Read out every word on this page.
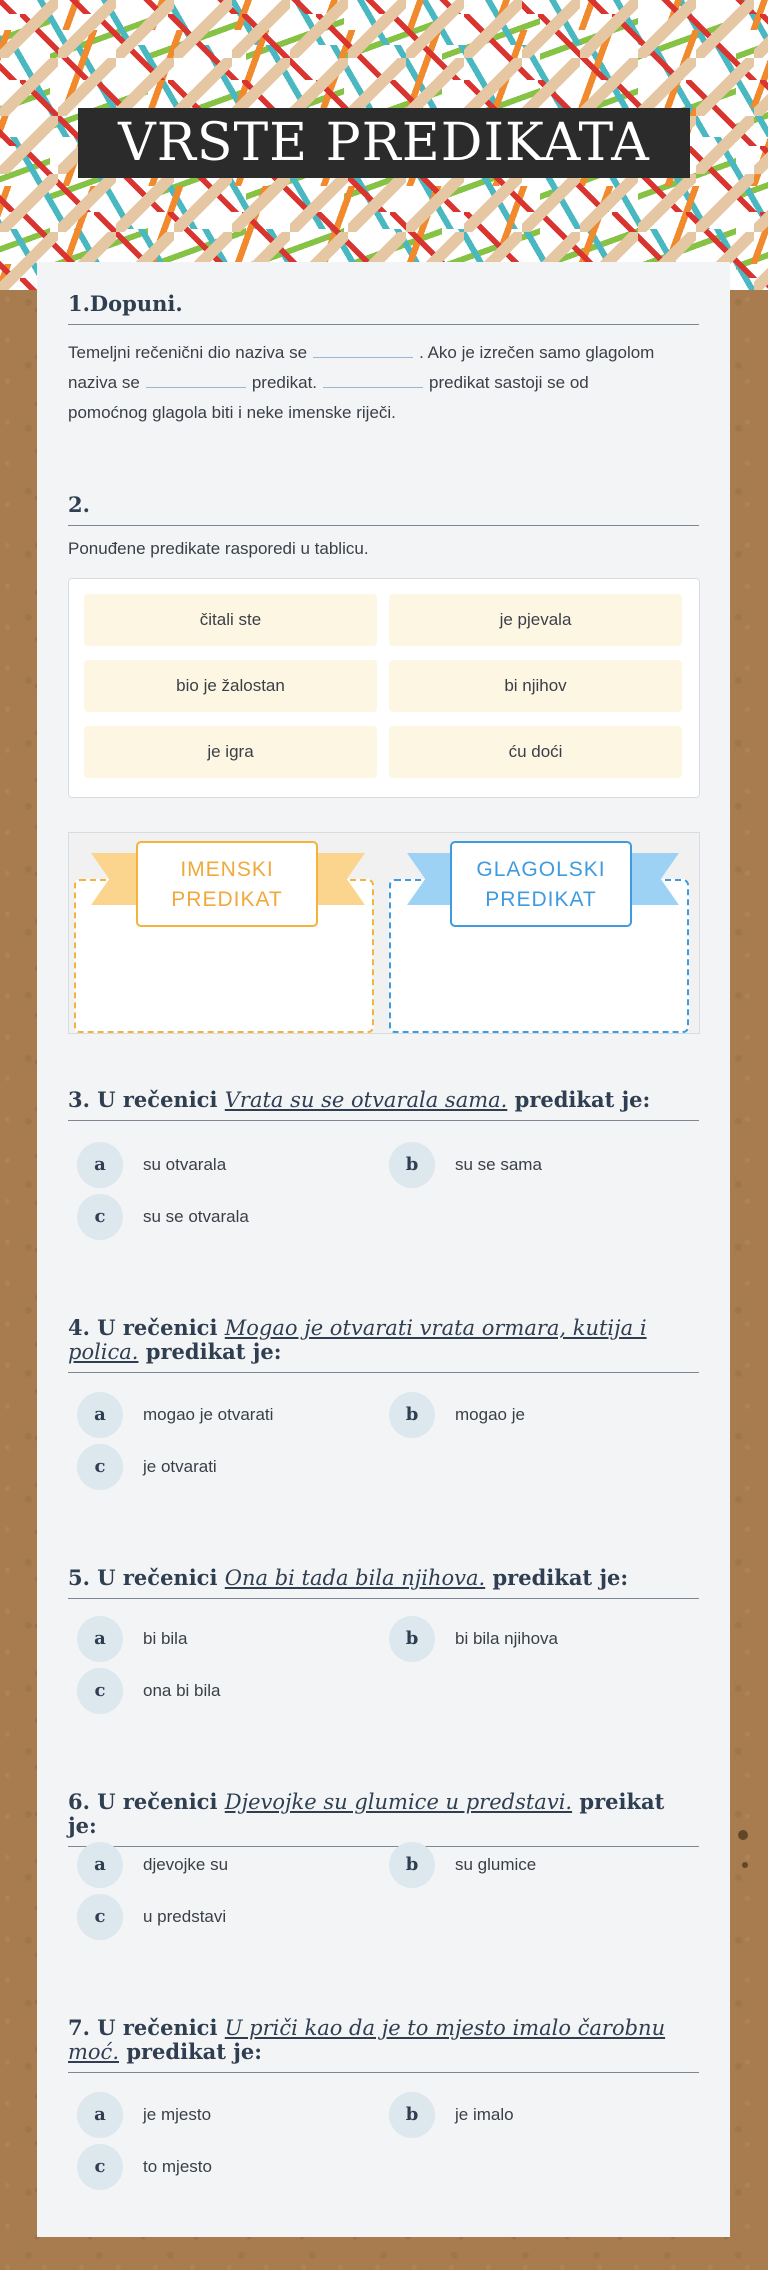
VRSTE PREDIKATA
1.Dopuni.
Temeljni rečenični dio naziva se	. Ako je izrečen samo glagolom
naziva se	predikat.	predikat sastoji se od
pomoćnog glagola biti i neke imenske riječi.
2.
Ponuđene predikate rasporedi u tablicu.
čitali ste	je pjevala
bio je žalostan	bi njihov
je igra	ću doći
IMENSKI
PREDIKAT
GLAGOLSKI
PREDIKAT
3. U rečenici Vrata su se otvarala sama. predikat je:
a	su otvarala	b	su se sama
c	su se otvarala
4. U rečenici Mogao je otvarati vrata ormara, kutija i polica. predikat je:
a	mogao je otvarati	b	mogao je
c	je otvarati
5. U rečenici Ona bi tada bila njihova. predikat je:
a	bi bila	b	bi bila njihova
c	ona bi bila
6. U rečenici Djevojke su glumice u predstavi. preikat je:
a	djevojke su	b	su glumice
c	u predstavi
7. U rečenici U priči kao da je to mjesto imalo čarobnu moć. predikat je:
a	je mjesto	b	je imalo
c	to mjesto
